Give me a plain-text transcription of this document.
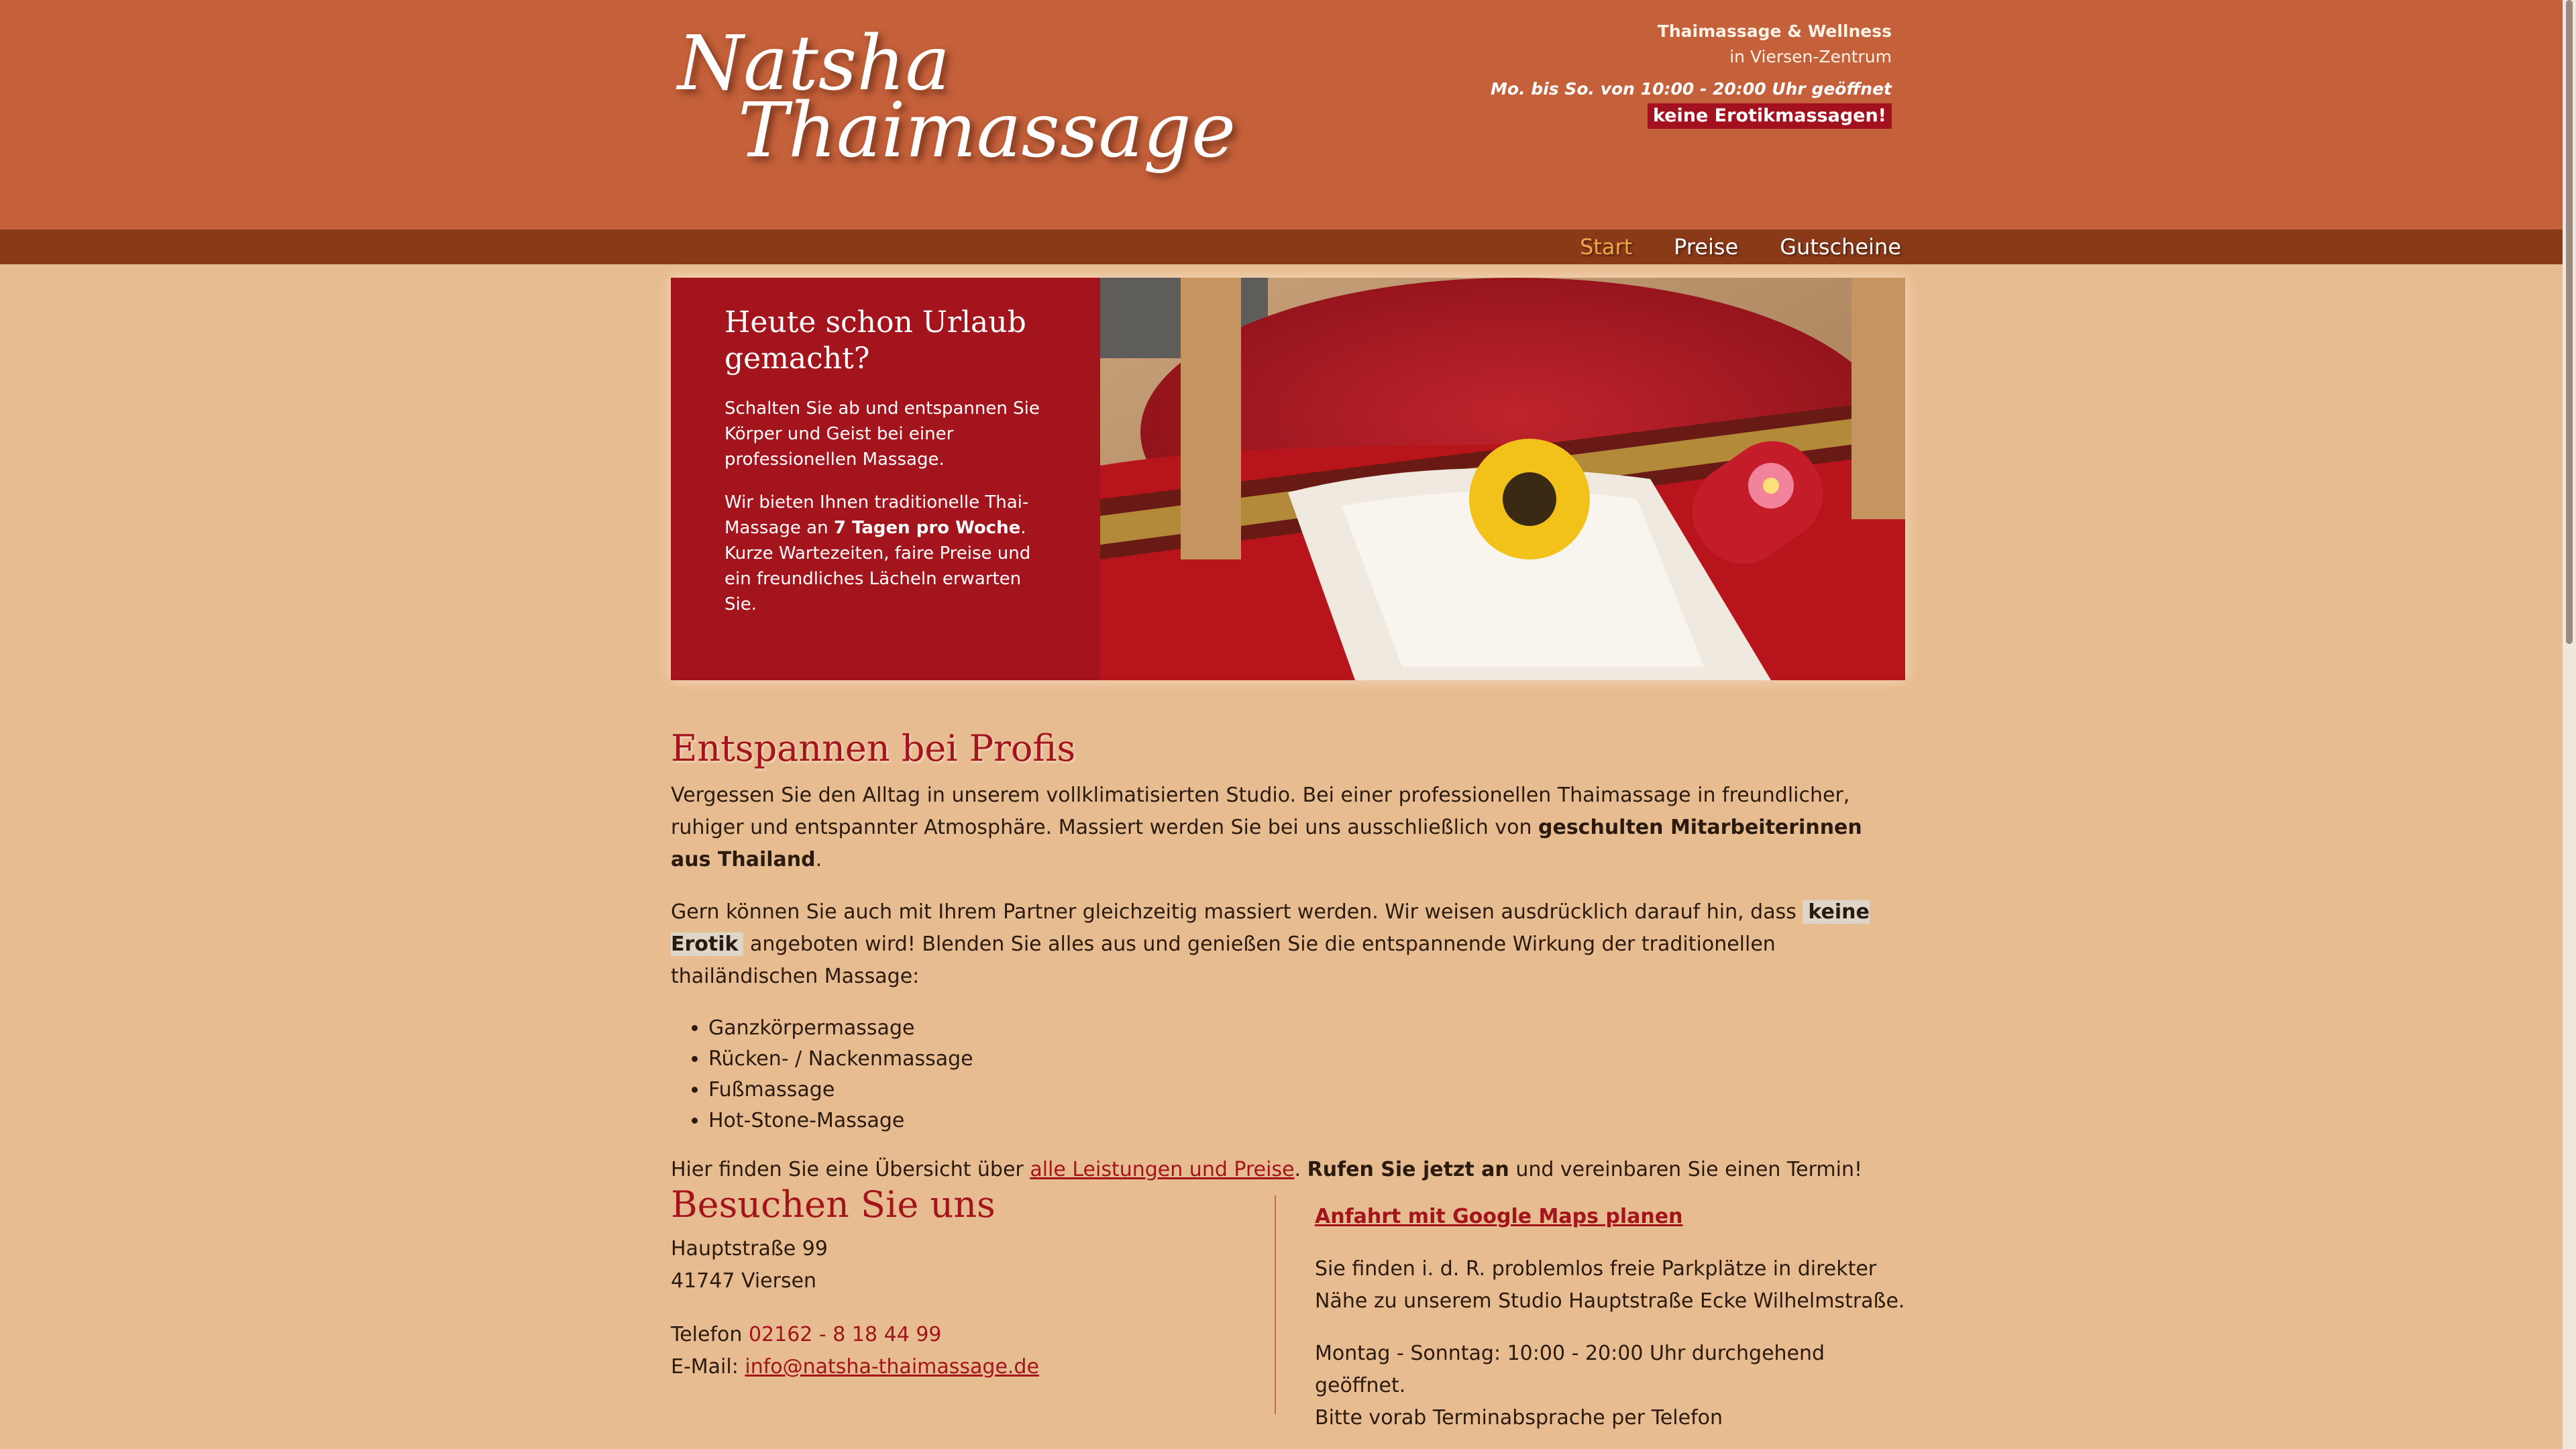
Natsha
Thaimassage
Thaimassage & Wellness
in Viersen-Zentrum
Mo. bis So. von 10:00 - 20:00 Uhr geöffnet
keine Erotikmassagen!
Start Preise Gutscheine
Heute schon Urlaub gemacht?

Schalten Sie ab und entspannen Sie Körper und Geist bei einer professionellen Massage.

Wir bieten Ihnen traditionelle Thai-Massage an 7 Tagen pro Woche. Kurze Wartezeiten, faire Preise und ein freundliches Lächeln erwarten Sie.

Entspannen bei Profis

Vergessen Sie den Alltag in unserem vollklimatisierten Studio. Bei einer professionellen Thaimassage in freundlicher, ruhiger und entspannter Atmosphäre. Massiert werden Sie bei uns ausschließlich von geschulten Mitarbeiterinnen aus Thailand.

Gern können Sie auch mit Ihrem Partner gleichzeitig massiert werden. Wir weisen ausdrücklich darauf hin, dass keine Erotik angeboten wird! Blenden Sie alles aus und genießen Sie die entspannende Wirkung der traditionellen thailändischen Massage:

• Ganzkörpermassage
• Rücken- / Nackenmassage
• Fußmassage
• Hot-Stone-Massage

Hier finden Sie eine Übersicht über alle Leistungen und Preise. Rufen Sie jetzt an und vereinbaren Sie einen Termin!

Besuchen Sie uns

Hauptstraße 99

41747 Viersen

Telefon 02162 - 8 18 44 99

E-Mail: info@natsha-thaimassage.de

Anfahrt mit Google Maps planen

Sie finden i. d. R. problemlos freie Parkplätze in direkter Nähe zu unserem Studio Hauptstraße Ecke Wilhelmstraße.

Montag - Sonntag: 10:00 - 20:00 Uhr durchgehend geöffnet.

Bitte vorab Terminabsprache per Telefon
